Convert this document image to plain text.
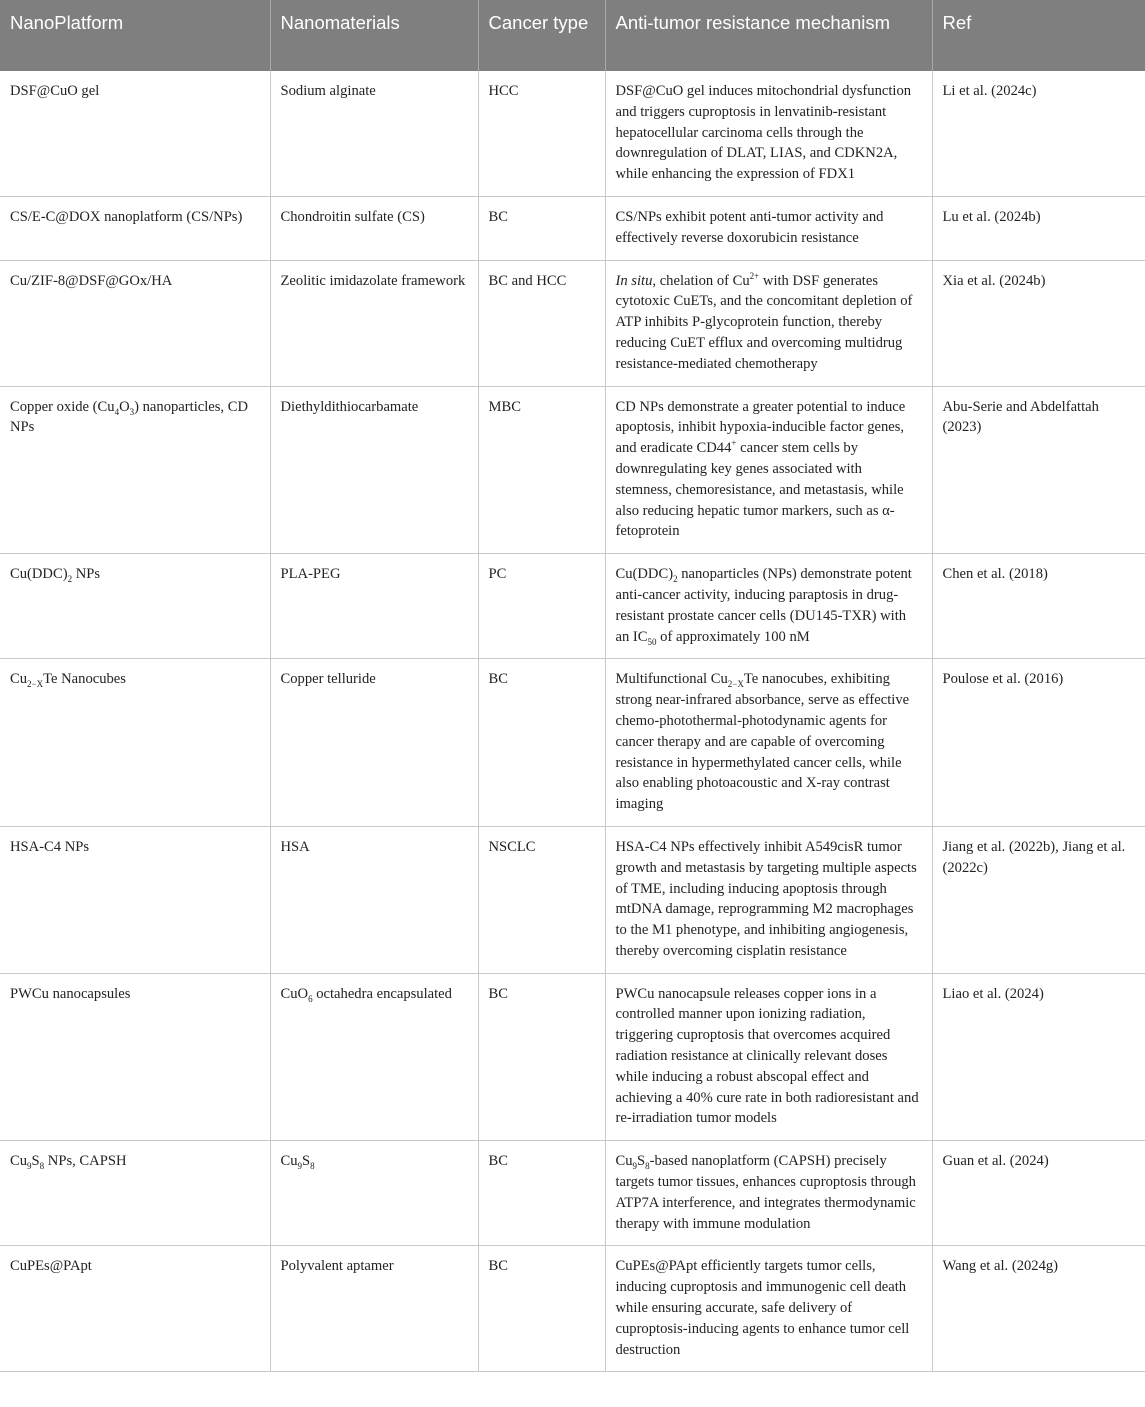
NanoPlatform	Nanomaterials	Cancer type	Anti-tumor resistance mechanism	Ref
DSF@CuO gel	Sodium alginate	HCC	DSF@CuO gel induces mitochondrial dysfunction and triggers cuproptosis in lenvatinib-resistant hepatocellular carcinoma cells through the downregulation of DLAT, LIAS, and CDKN2A, while enhancing the expression of FDX1	Li et al. (2024c)
CS/E-C@DOX nanoplatform (CS/NPs)	Chondroitin sulfate (CS)	BC	CS/NPs exhibit potent anti-tumor activity and effectively reverse doxorubicin resistance	Lu et al. (2024b)
Cu/ZIF-8@DSF@GOx/HA	Zeolitic imidazolate framework	BC and HCC	In situ, chelation of $Cu^{2+}$ with DSF generates cytotoxic CuETs, and the concomitant depletion of ATP inhibits P-glycoprotein function, thereby reducing CuET efflux and overcoming multidrug resistance-mediated chemotherapy	Xia et al. (2024b)
Copper oxide $(Cu_4O_3)$ nanoparticles, CD NPs	Diethyldithiocarbamate	MBC	CD NPs demonstrate a greater potential to induce apoptosis, inhibit hypoxia-inducible factor genes, and eradicate CD44+ cancer stem cells by downregulating key genes associated with stemness, chemoresistance, and metastasis, while also reducing hepatic tumor markers, such as α-fetoprotein	Abu-Serie and Abdelfattah (2023)
$Cu(DDC)_2$ NPs	PLA-PEG	PC	$Cu(DDC)_2$ nanoparticles (NPs) demonstrate potent anti-cancer activity, inducing paraptosis in drug-resistant prostate cancer cells (DU145-TXR) with an $IC_{50}$ of approximately 100 nM	Chen et al. (2018)
$Cu_{2-X}Te$ Nanocubes	Copper telluride	BC	Multifunctional $Cu_{2-X}Te$ nanocubes, exhibiting strong near-infrared absorbance, serve as effective chemo-photothermal-photodynamic agents for cancer therapy and are capable of overcoming resistance in hypermethylated cancer cells, while also enabling photoacoustic and X-ray contrast imaging	Poulose et al. (2016)
HSA-C4 NPs	HSA	NSCLC	HSA-C4 NPs effectively inhibit A549cisR tumor growth and metastasis by targeting multiple aspects of TME, including inducing apoptosis through mtDNA damage, reprogramming M2 macrophages to the M1 phenotype, and inhibiting angiogenesis, thereby overcoming cisplatin resistance	Jiang et al. (2022b), Jiang et al. (2022c)
PWCu nanocapsules	CuO$_6$ octahedra encapsulated	BC	PWCu nanocapsule releases copper ions in a controlled manner upon ionizing radiation, triggering cuproptosis that overcomes acquired radiation resistance at clinically relevant doses while inducing a robust abscopal effect and achieving a 40% cure rate in both radioresistant and re-irradiation tumor models	Liao et al. (2024)
$Cu_9S_8$ NPs, CAPSH	$Cu_9S_8$	BC	$Cu_9S_8$-based nanoplatform (CAPSH) precisely targets tumor tissues, enhances cuproptosis through ATP7A interference, and integrates thermodynamic therapy with immune modulation	Guan et al. (2024)
CuPEs@PApt	Polyvalent aptamer	BC	CuPEs@PApt efficiently targets tumor cells, inducing cuproptosis and immunogenic cell death while ensuring accurate, safe delivery of cuproptosis-inducing agents to enhance tumor cell destruction	Wang et al. (2024g)
